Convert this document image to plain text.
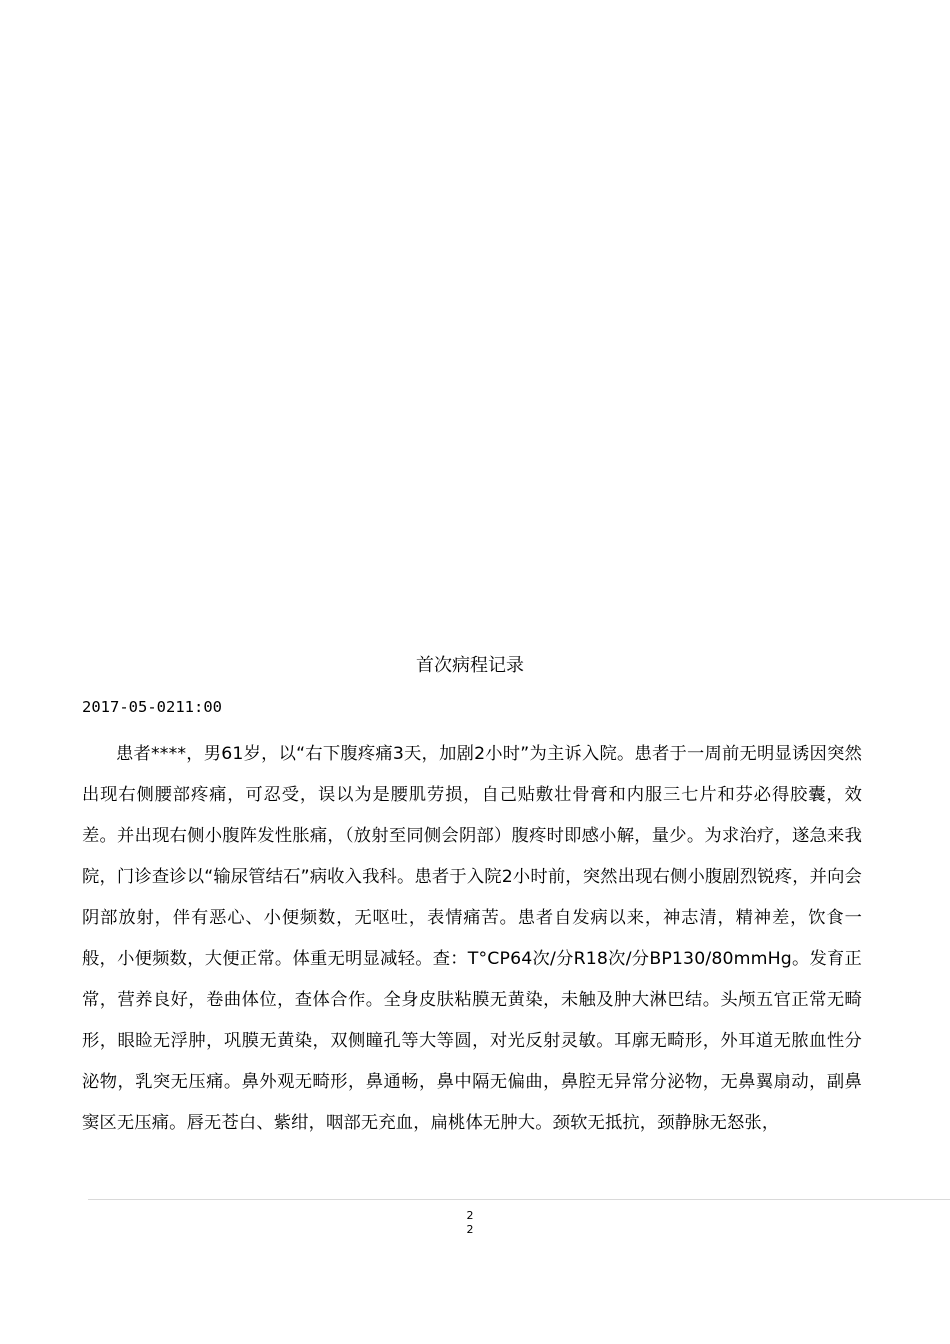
首次病程记录
2017-05-0211:00

患者****，男61岁，以“右下腹疼痛3天，加剧2小时”为主诉入院。患者于一周前无明显诱因突然出现右侧腰部疼痛，可忍受，误以为是腰肌劳损，自己贴敷壮骨膏和内服三七片和芬必得胶囊，效差。并出现右侧小腹阵发性胀痛，（放射至同侧会阴部）腹疼时即感小解，量少。为求治疗，遂急来我院，门诊查诊以“输尿管结石”病收入我科。患者于入院2小时前，突然出现右侧小腹剧烈锐疼，并向会阴部放射，伴有恶心、小便频数，无呕吐，表情痛苦。患者自发病以来，神志清，精神差，饮食一般，小便频数，大便正常。体重无明显减轻。查：T°CP64次/分R18次/分BP130/80mmHg。发育正常，营养良好，卷曲体位，查体合作。全身皮肤粘膜无黄染，未触及肿大淋巴结。头颅五官正常无畸形，眼睑无浮肿，巩膜无黄染，双侧瞳孔等大等圆，对光反射灵敏。耳廓无畸形，外耳道无脓血性分泌物，乳突无压痛。鼻外观无畸形，鼻通畅，鼻中隔无偏曲，鼻腔无异常分泌物，无鼻翼扇动，副鼻窦区无压痛。唇无苍白、紫绀，咽部无充血，扁桃体无肿大。颈软无抵抗，颈静脉无怒张，

2
2
